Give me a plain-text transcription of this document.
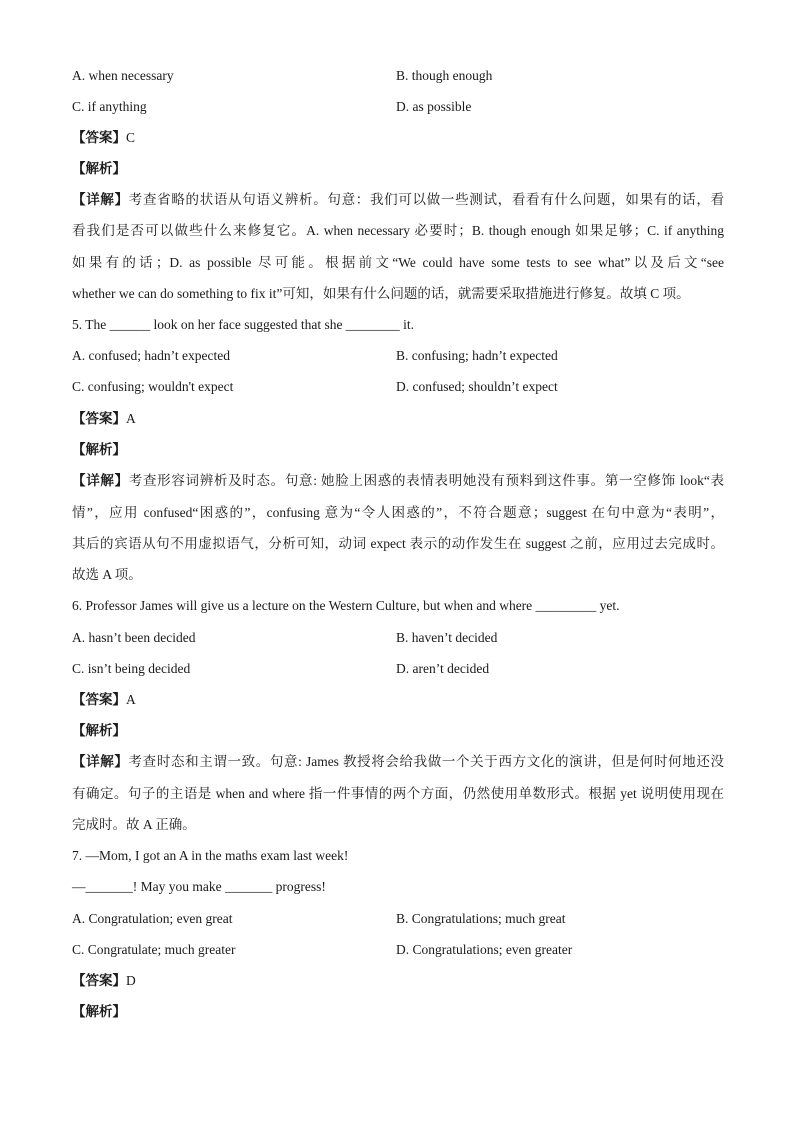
A. when necessary	B. though enough
C. if anything	D. as possible
【答案】C
【解析】
【详解】考查省略的状语从句语义辨析。句意：我们可以做一些测试，看看有什么问题，如果有的话，看
看我们是否可以做些什么来修复它。A. when necessary 必要时；B. though enough 如果足够；C. if anything
如果有的话；D. as possible 尽可能。根据前文“We could have some tests to see what”以及后文“see
whether we can do something to fix it”可知，如果有什么问题的话，就需要采取措施进行修复。故填 C 项。
5. The ______ look on her face suggested that she ________ it.
A. confused; hadn’t expected	B. confusing; hadn’t expected
C. confusing; wouldn't expect	D. confused; shouldn’t expect
【答案】A
【解析】
【详解】考查形容词辨析及时态。句意: 她脸上困惑的表情表明她没有预料到这件事。第一空修饰 look“表
情”，应用 confused“困惑的”，confusing 意为“令人困惑的”，不符合题意；suggest 在句中意为“表明”，
其后的宾语从句不用虚拟语气，分析可知，动词 expect 表示的动作发生在 suggest 之前，应用过去完成时。
故选 A 项。
6. Professor James will give us a lecture on the Western Culture, but when and where _________ yet.
A. hasn’t been decided	B. haven’t decided
C. isn’t being decided	D. aren’t decided
【答案】A
【解析】
【详解】考查时态和主谓一致。句意: James 教授将会给我做一个关于西方文化的演讲，但是何时何地还没
有确定。句子的主语是 when and where 指一件事情的两个方面，仍然使用单数形式。根据 yet 说明使用现在
完成时。故 A 正确。
7. —Mom, I got an A in the maths exam last week!
—_______! May you make _______ progress!
A. Congratulation; even great	B. Congratulations; much great
C. Congratulate; much greater	D. Congratulations; even greater
【答案】D
【解析】
